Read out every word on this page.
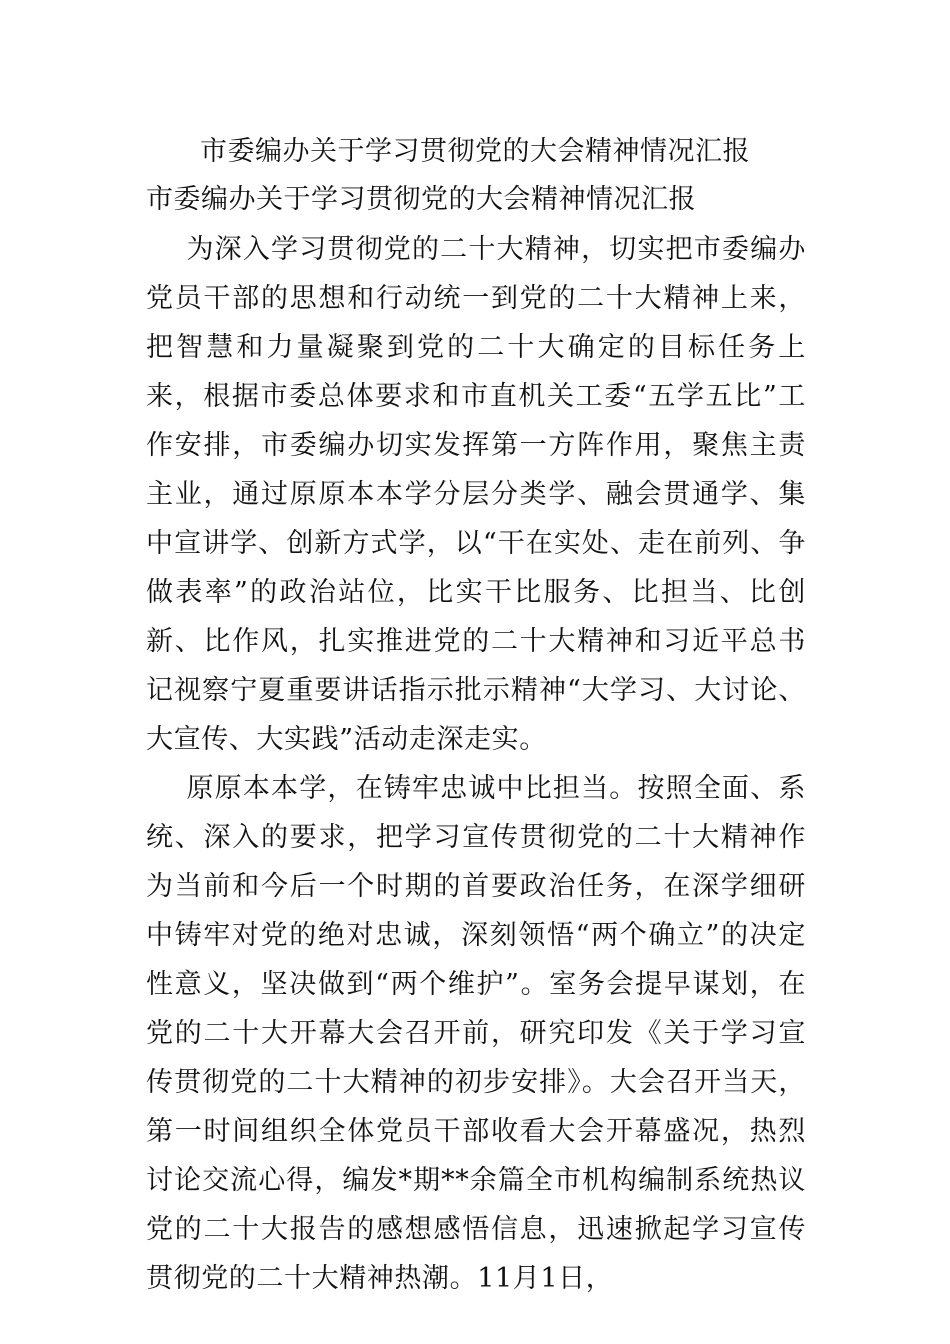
市委编办关于学习贯彻党的大会精神情况汇报
市委编办关于学习贯彻党的大会精神情况汇报

为深入学习贯彻党的二十大精神，切实把市委编办党员干部的思想和行动统一到党的二十大精神上来，把智慧和力量凝聚到党的二十大确定的目标任务上来，根据市委总体要求和市直机关工委“五学五比”工作安排，市委编办切实发挥第一方阵作用，聚焦主责主业，通过原原本本学分层分类学、融会贯通学、集中宣讲学、创新方式学，以“干在实处、走在前列、争做表率”的政治站位，比实干比服务、比担当、比创新、比作风，扎实推进党的二十大精神和习近平总书记视察宁夏重要讲话指示批示精神“大学习、大讨论、大宣传、大实践”活动走深走实。

原原本本学，在铸牢忠诚中比担当。按照全面、系统、深入的要求，把学习宣传贯彻党的二十大精神作为当前和今后一个时期的首要政治任务，在深学细研中铸牢对党的绝对忠诚，深刻领悟“两个确立”的决定性意义，坚决做到“两个维护”。室务会提早谋划，在党的二十大开幕大会召开前，研究印发《关于学习宣传贯彻党的二十大精神的初步安排》。大会召开当天，第一时间组织全体党员干部收看大会开幕盛况，热烈讨论交流心得，编发*期**余篇全市机构编制系统热议党的二十大报告的感想感悟信息，迅速掀起学习宣传贯彻党的二十大精神热潮。11月1日，
